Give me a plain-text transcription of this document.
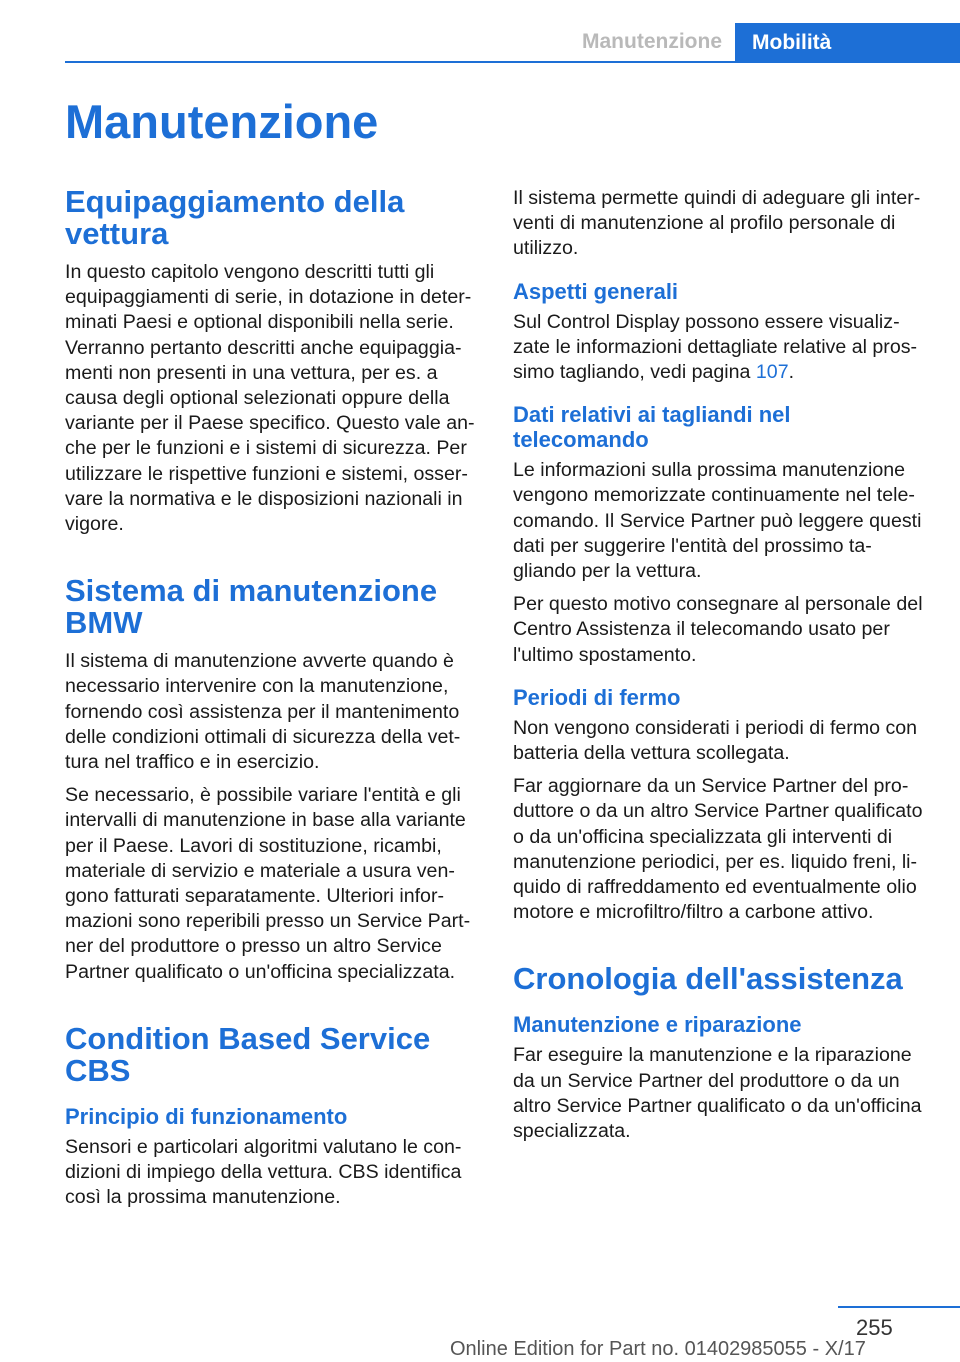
Manutenzione	Mobilità
Manutenzione
Equipaggiamento della vettura

In questo capitolo vengono descritti tutti gli equipaggiamenti di serie, in dotazione in deter-minati Paesi e optional disponibili nella serie. Verranno pertanto descritti anche equipaggia-menti non presenti in una vettura, per es. a causa degli optional selezionati oppure della variante per il Paese specifico. Questo vale an-che per le funzioni e i sistemi di sicurezza. Per utilizzare le rispettive funzioni e sistemi, osser-vare la normativa e le disposizioni nazionali in vigore.

Sistema di manutenzione BMW

Il sistema di manutenzione avverte quando è necessario intervenire con la manutenzione, fornendo così assistenza per il mantenimento delle condizioni ottimali di sicurezza della vet-tura nel traffico e in esercizio.

Se necessario, è possibile variare l'entità e gli intervalli di manutenzione in base alla variante per il Paese. Lavori di sostituzione, ricambi, materiale di servizio e materiale a usura ven-gono fatturati separatamente. Ulteriori infor-mazioni sono reperibili presso un Service Part-ner del produttore o presso un altro Service Partner qualificato o un'officina specializzata.

Condition Based Service CBS
Principio di funzionamento

Sensori e particolari algoritmi valutano le con-dizioni di impiego della vettura. CBS identifica così la prossima manutenzione.

Il sistema permette quindi di adeguare gli inter-venti di manutenzione al profilo personale di utilizzo.

Aspetti generali

Sul Control Display possono essere visualiz-zate le informazioni dettagliate relative al pros-simo tagliando, vedi pagina 107.

Dati relativi ai tagliandi nel telecomando

Le informazioni sulla prossima manutenzione vengono memorizzate continuamente nel tele-comando. Il Service Partner può leggere questi dati per suggerire l'entità del prossimo ta-gliando per la vettura.

Per questo motivo consegnare al personale del Centro Assistenza il telecomando usato per l'ultimo spostamento.

Periodi di fermo

Non vengono considerati i periodi di fermo con batteria della vettura scollegata.

Far aggiornare da un Service Partner del pro-duttore o da un altro Service Partner qualificato o da un'officina specializzata gli interventi di manutenzione periodici, per es. liquido freni, li-quido di raffreddamento ed eventualmente olio motore e microfiltro/filtro a carbone attivo.

Cronologia dell'assistenza
Manutenzione e riparazione

Far eseguire la manutenzione e la riparazione da un Service Partner del produttore o da un altro Service Partner qualificato o da un'officina specializzata.

255
Online Edition for Part no. 01402985055 - X/17
